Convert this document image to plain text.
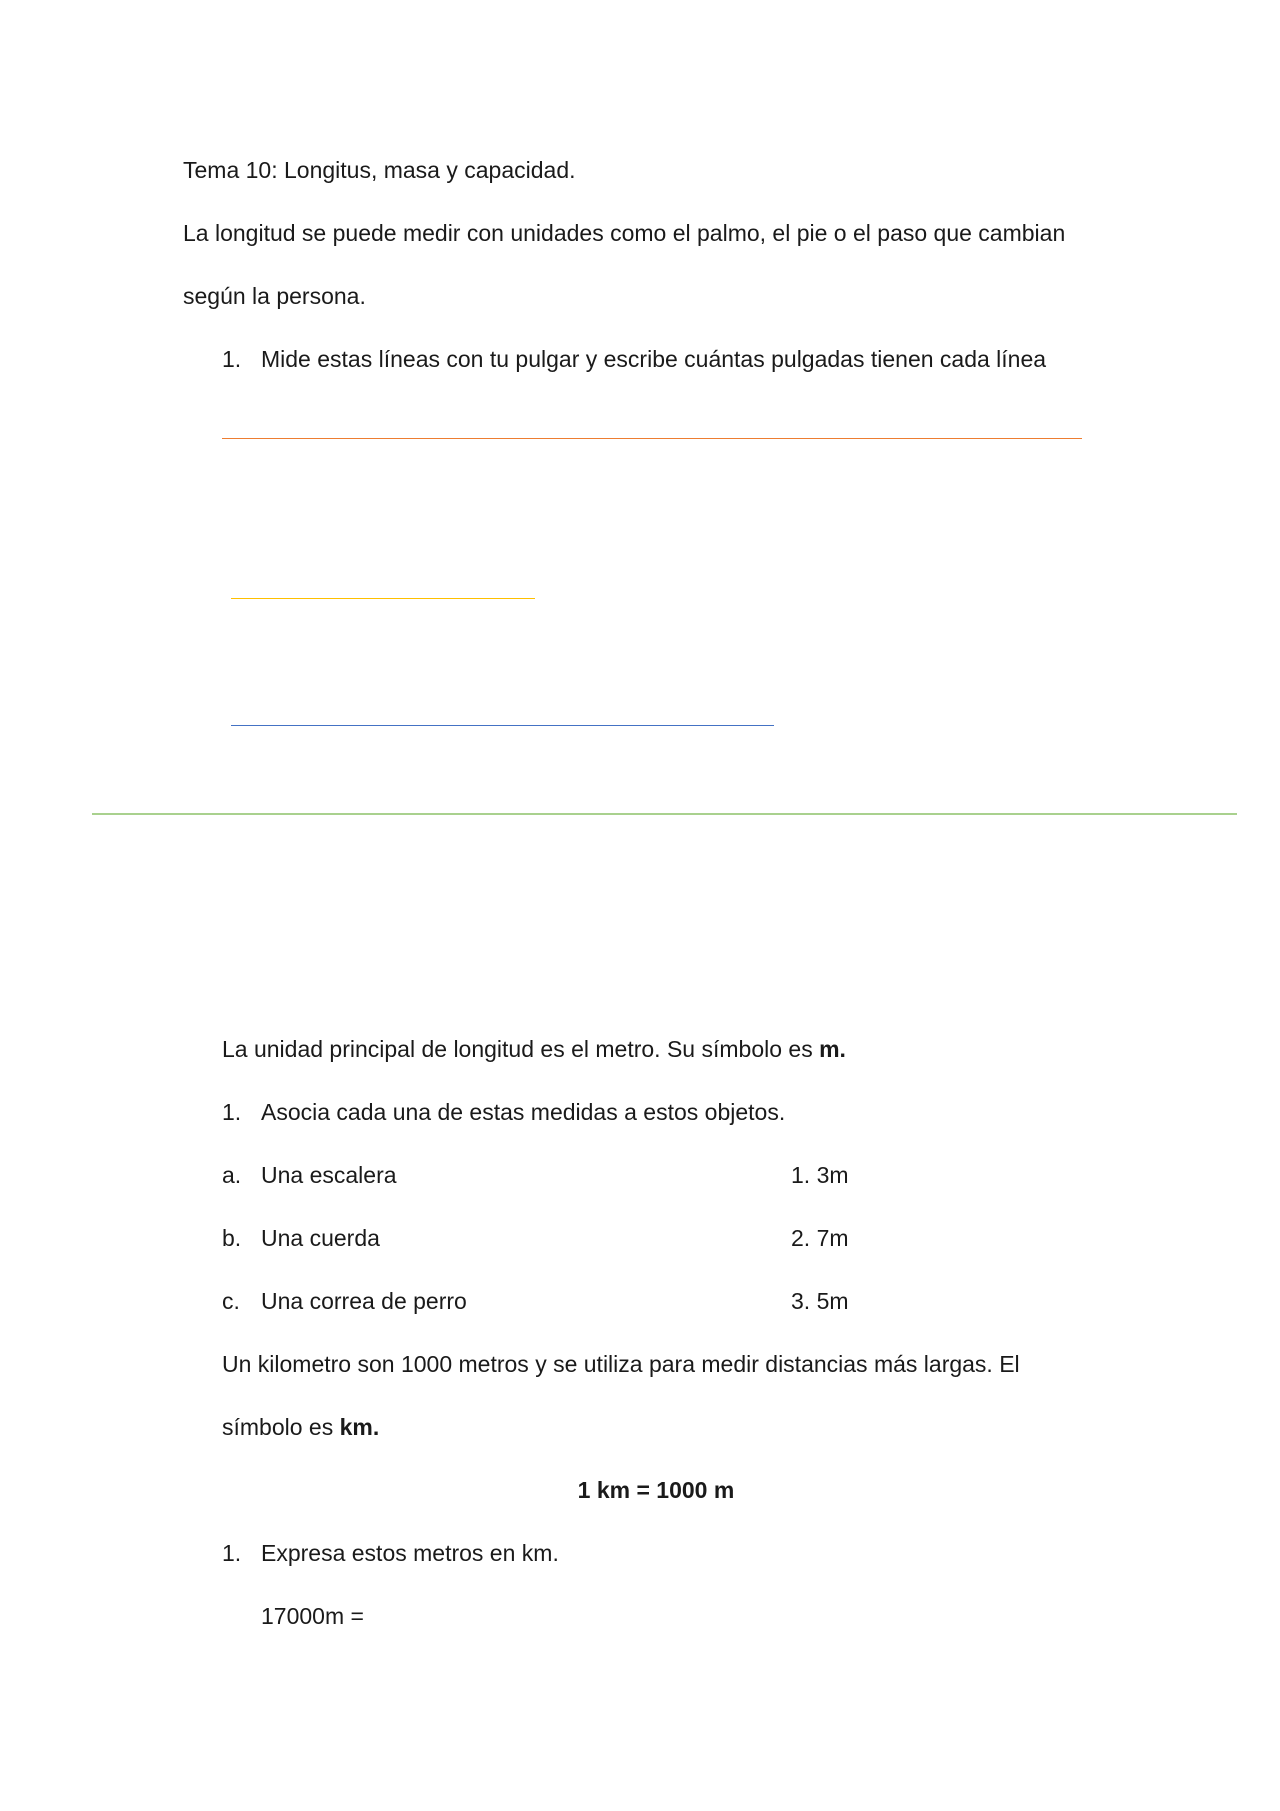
Tema 10: Longitus, masa y capacidad.
La longitud se puede medir con unidades como el palmo, el pie o el paso que cambian
según la persona.
1. Mide estas líneas con tu pulgar y escribe cuántas pulgadas tienen cada línea
La unidad principal de longitud es el metro. Su símbolo es m.
1. Asocia cada una de estas medidas a estos objetos.
a. Una escalera	1. 3m
b. Una cuerda	2. 7m
c. Una correa de perro	3. 5m
Un kilometro son 1000 metros y se utiliza para medir distancias más largas. El
símbolo es km.
1 km = 1000 m
1. Expresa estos metros en km.
17000m =
